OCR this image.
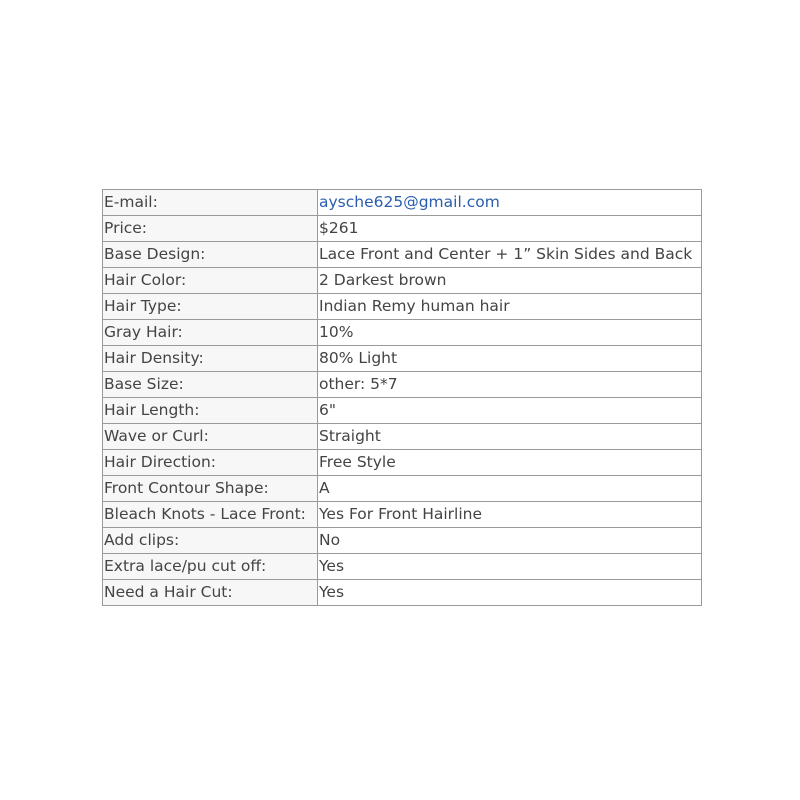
E-mail:	aysche625@gmail.com
Price:	$261
Base Design:	Lace Front and Center + 1” Skin Sides and Back
Hair Color:	2 Darkest brown
Hair Type:	Indian Remy human hair
Gray Hair:	10%
Hair Density:	80% Light
Base Size:	other: 5*7
Hair Length:	6"
Wave or Curl:	Straight
Hair Direction:	Free Style
Front Contour Shape:	A
Bleach Knots - Lace Front:	Yes For Front Hairline
Add clips:	No
Extra lace/pu cut off:	Yes
Need a Hair Cut:	Yes
